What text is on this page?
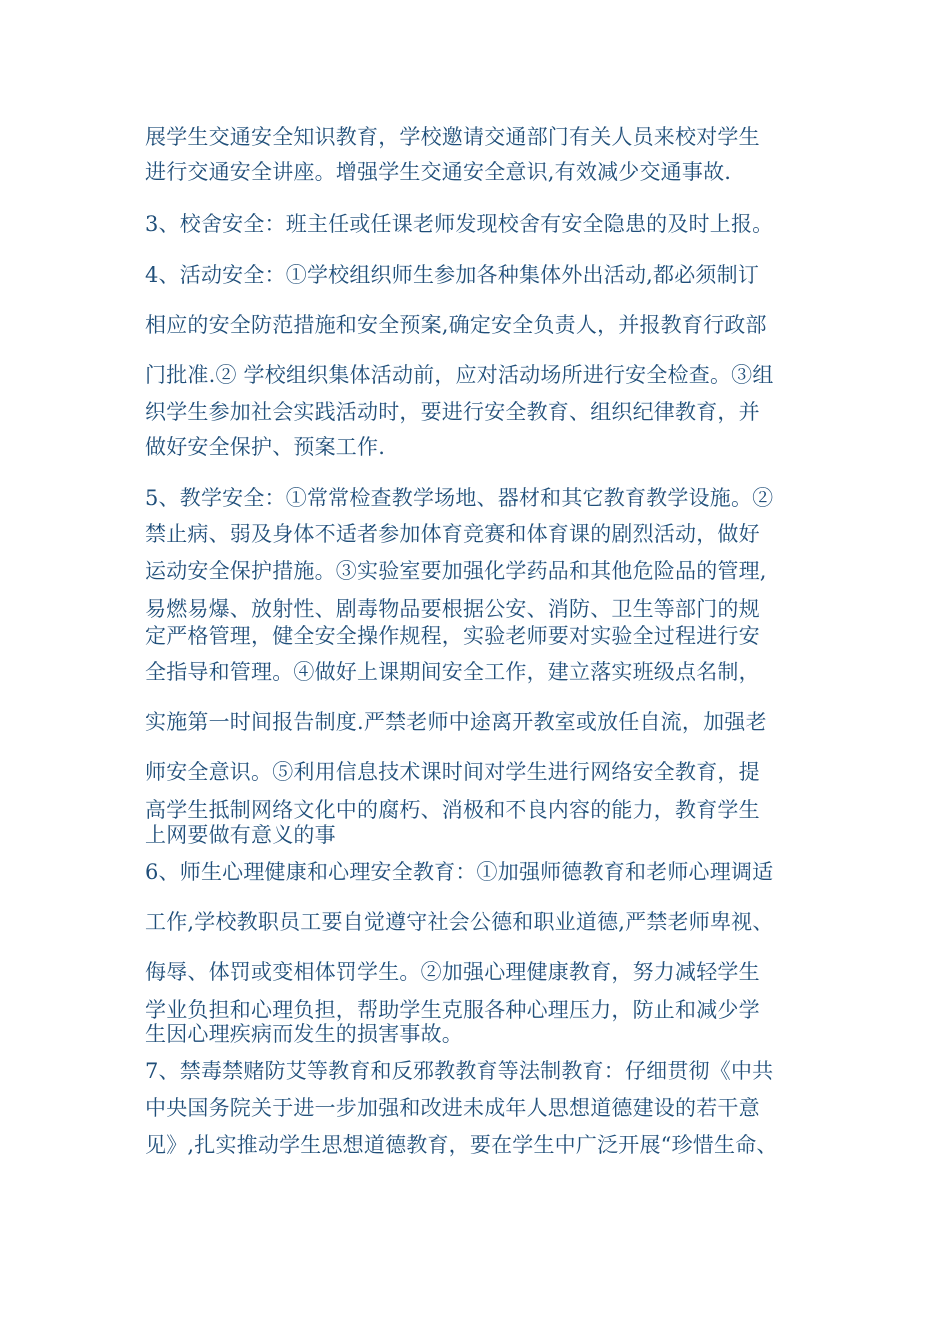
展学生交通安全知识教育，学校邀请交通部门有关人员来校对学生
进行交通安全讲座。增强学生交通安全意识,有效减少交通事故.
3、校舍安全：班主任或任课老师发现校舍有安全隐患的及时上报。
4、活动安全：①学校组织师生参加各种集体外出活动,都必须制订
相应的安全防范措施和安全预案,确定安全负责人，并报教育行政部
门批准.② 学校组织集体活动前，应对活动场所进行安全检查。③组
织学生参加社会实践活动时，要进行安全教育、组织纪律教育，并
做好安全保护、预案工作.
5、教学安全：①常常检查教学场地、器材和其它教育教学设施。②
禁止病、弱及身体不适者参加体育竞赛和体育课的剧烈活动，做好
运动安全保护措施。③实验室要加强化学药品和其他危险品的管理,
易燃易爆、放射性、剧毒物品要根据公安、消防、卫生等部门的规
定严格管理，健全安全操作规程，实验老师要对实验全过程进行安
全指导和管理。④做好上课期间安全工作，建立落实班级点名制，
实施第一时间报告制度.严禁老师中途离开教室或放任自流，加强老
师安全意识。⑤利用信息技术课时间对学生进行网络安全教育，提
高学生抵制网络文化中的腐朽、消极和不良内容的能力，教育学生
上网要做有意义的事
6、师生心理健康和心理安全教育：①加强师德教育和老师心理调适
工作,学校教职员工要自觉遵守社会公德和职业道德,严禁老师卑视、
侮辱、体罚或变相体罚学生。②加强心理健康教育，努力减轻学生
学业负担和心理负担，帮助学生克服各种心理压力，防止和减少学
生因心理疾病而发生的损害事故。
7、禁毒禁赌防艾等教育和反邪教教育等法制教育：仔细贯彻《中共
中央国务院关于进一步加强和改进未成年人思想道德建设的若干意
见》,扎实推动学生思想道德教育，要在学生中广泛开展“珍惜生命、
